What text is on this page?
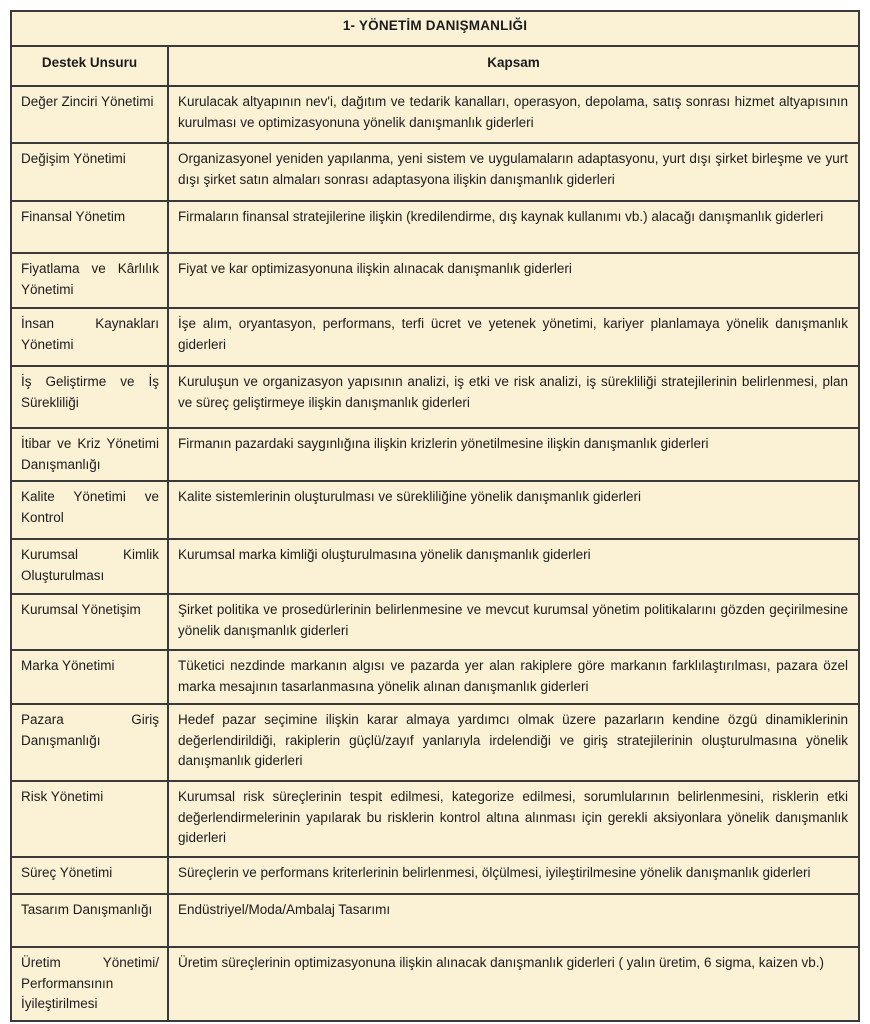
1- YÖNETİM DANIŞMANLIĞI	
Destek Unsuru	Kapsam
Değer Zinciri Yönetimi	Kurulacak altyapının nev'i, dağıtım ve tedarik kanalları, operasyon, depolama, satış sonrası hizmet altyapısının kurulması ve optimizasyonuna yönelik danışmanlık giderleri
Değişim Yönetimi	Organizasyonel yeniden yapılanma, yeni sistem ve uygulamaların adaptasyonu, yurt dışı şirket birleşme ve yurt dışı şirket satın almaları sonrası adaptasyona ilişkin danışmanlık giderleri
Finansal Yönetim	Firmaların finansal stratejilerine ilişkin (kredilendirme, dış kaynak kullanımı vb.) alacağı danışmanlık giderleri
Fiyatlama ve Kârlılık Yönetimi	Fiyat ve kar optimizasyonuna ilişkin alınacak danışmanlık giderleri
İnsan Kaynakları Yönetimi	İşe alım, oryantasyon, performans, terfi ücret ve yetenek yönetimi, kariyer planlamaya yönelik danışmanlık giderleri
İş Geliştirme ve İş Sürekliliği	Kuruluşun ve organizasyon yapısının analizi, iş etki ve risk analizi, iş sürekliliği stratejilerinin belirlenmesi, plan ve süreç geliştirmeye ilişkin danışmanlık giderleri
İtibar ve Kriz Yönetimi Danışmanlığı	Firmanın pazardaki saygınlığına ilişkin krizlerin yönetilmesine ilişkin danışmanlık giderleri
Kalite Yönetimi ve Kontrol	Kalite sistemlerinin oluşturulması ve sürekliliğine yönelik danışmanlık giderleri
Kurumsal Kimlik Oluşturulması	Kurumsal marka kimliği oluşturulmasına yönelik danışmanlık giderleri
Kurumsal Yönetişim	Şirket politika ve prosedürlerinin belirlenmesine ve mevcut kurumsal yönetim politikalarını gözden geçirilmesine yönelik danışmanlık giderleri
Marka Yönetimi	Tüketici nezdinde markanın algısı ve pazarda yer alan rakiplere göre markanın farklılaştırılması, pazara özel marka mesajının tasarlanmasına yönelik alınan danışmanlık giderleri
Pazara Giriş Danışmanlığı	Hedef pazar seçimine ilişkin karar almaya yardımcı olmak üzere pazarların kendine özgü dinamiklerinin değerlendirildiği, rakiplerin güçlü/zayıf yanlarıyla irdelendiği ve giriş stratejilerinin oluşturulmasına yönelik danışmanlık giderleri
Risk Yönetimi	Kurumsal risk süreçlerinin tespit edilmesi, kategorize edilmesi, sorumlularının belirlenmesini, risklerin etki değerlendirmelerinin yapılarak bu risklerin kontrol altına alınması için gerekli aksiyonlara yönelik danışmanlık giderleri
Süreç Yönetimi	Süreçlerin ve performans kriterlerinin belirlenmesi, ölçülmesi, iyileştirilmesine yönelik danışmanlık giderleri
Tasarım Danışmanlığı	Endüstriyel/Moda/Ambalaj Tasarımı
Üretim Yönetimi/ Performansının İyileştirilmesi	Üretim süreçlerinin optimizasyonuna ilişkin alınacak danışmanlık giderleri ( yalın üretim, 6 sigma, kaizen vb.)
